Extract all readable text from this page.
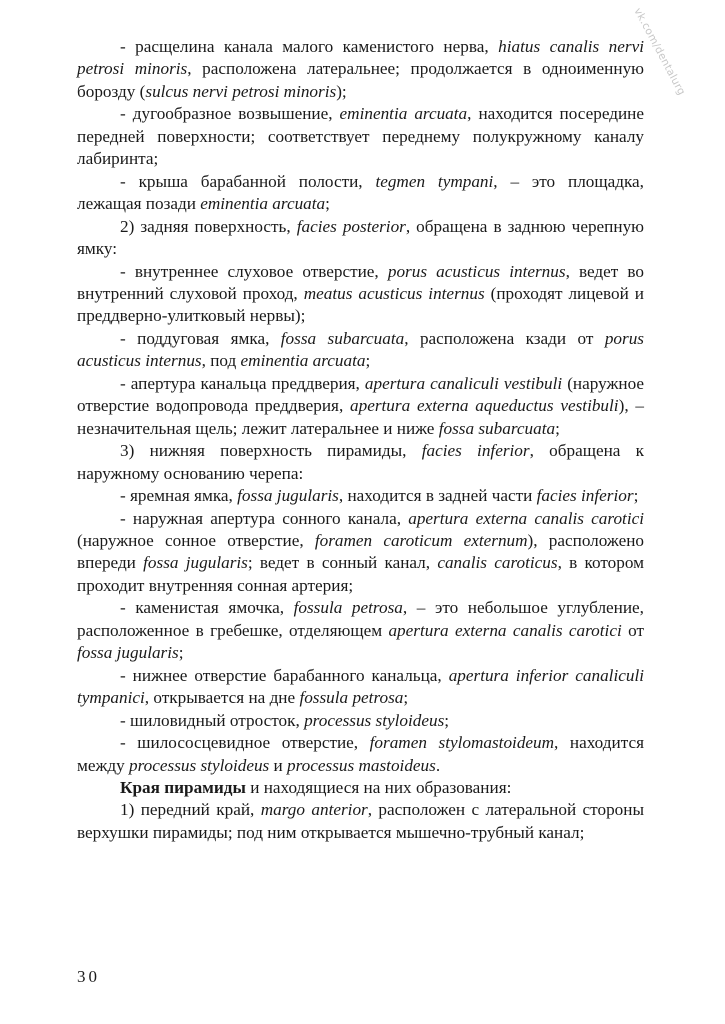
vk.com/dentalurg

- расщелина канала малого каменистого нерва, hiatus canalis nervi petrosi minoris, расположена латеральнее; продолжается в одноименную борозду (sulcus nervi petrosi minoris);

- дугообразное возвышение, eminentia arcuata, находится посередине передней поверхности; соответствует переднему полукружному каналу лабиринта;

- крыша барабанной полости, tegmen tympani, – это площадка, лежащая позади eminentia arcuata;

2) задняя поверхность, facies posterior, обращена в заднюю черепную ямку:

- внутреннее слуховое отверстие, porus acusticus internus, ведет во внутренний слуховой проход, meatus acusticus internus (проходят лицевой и преддверно-улитковый нервы);

- поддуговая ямка, fossa subarcuata, расположена кзади от porus acusticus internus, под eminentia arcuata;

- апертура канальца преддверия, apertura canaliculi vestibuli (наружное отверстие водопровода преддверия, apertura externa aqueductus vestibuli), – незначительная щель; лежит латеральнее и ниже fossa subarcuata;

3) нижняя поверхность пирамиды, facies inferior, обращена к наружному основанию черепа:

- яремная ямка, fossa jugularis, находится в задней части facies inferior;

- наружная апертура сонного канала, apertura externa canalis carotici (наружное сонное отверстие, foramen caroticum externum), расположено впереди fossa jugularis; ведет в сонный канал, canalis caroticus, в котором проходит внутренняя сонная артерия;

- каменистая ямочка, fossula petrosa, – это небольшое углубление, расположенное в гребешке, отделяющем apertura externa canalis carotici от fossa jugularis;

- нижнее отверстие барабанного канальца, apertura inferior canaliculi tympanici, открывается на дне fossula petrosa;

- шиловидный отросток, processus styloideus;

- шилососцевидное отверстие, foramen stylomastoideum, находится между processus styloideus и processus mastoideus.

Края пирамиды и находящиеся на них образования:

1) передний край, margo anterior, расположен с латеральной стороны верхушки пирамиды; под ним открывается мышечно-трубный канал;

30
